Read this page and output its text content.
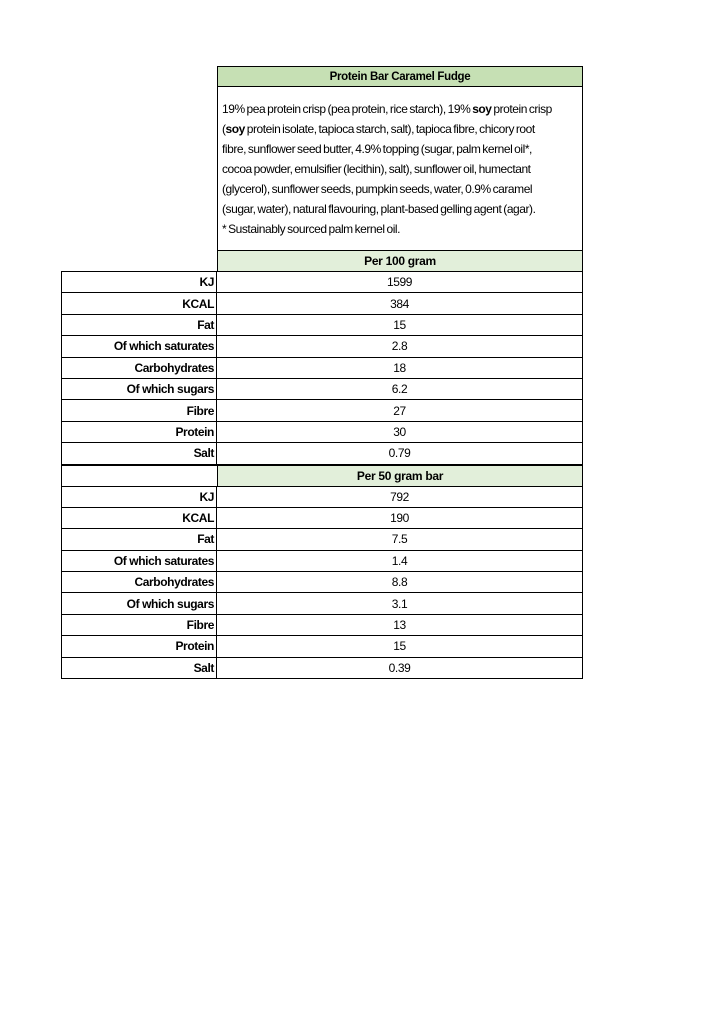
Protein Bar Caramel Fudge
19% pea protein crisp (pea protein, rice starch), 19% soy protein crisp
(soy protein isolate, tapioca starch, salt), tapioca fibre, chicory root
fibre, sunflower seed butter, 4.9% topping (sugar, palm kernel oil*,
cocoa powder, emulsifier (lecithin), salt), sunflower oil, humectant
(glycerol), sunflower seeds, pumpkin seeds, water, 0.9% caramel
(sugar, water), natural flavouring, plant-based gelling agent (agar).
* Sustainably sourced palm kernel oil.
Per 100 gram
KJ	1599
KCAL	384
Fat	15
Of which saturates	2.8
Carbohydrates	18
Of which sugars	6.2
Fibre	27
Protein	30
Salt	0.79
Per 50 gram bar
KJ	792
KCAL	190
Fat	7.5
Of which saturates	1.4
Carbohydrates	8.8
Of which sugars	3.1
Fibre	13
Protein	15
Salt	0.39
